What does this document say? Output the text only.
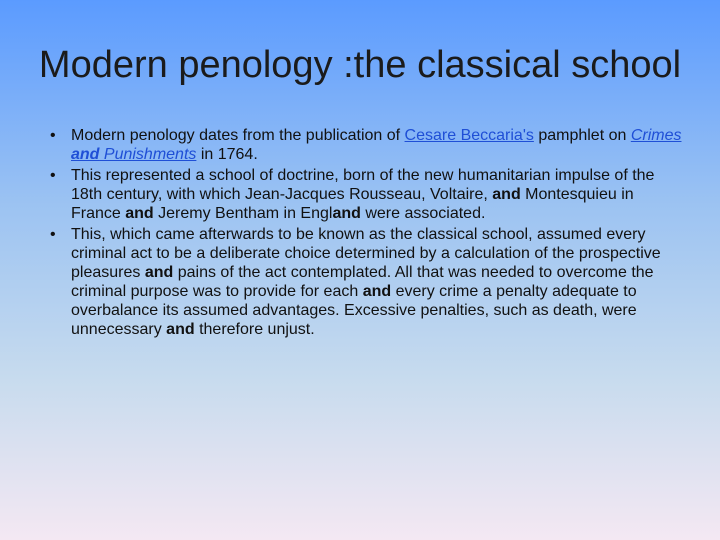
Modern penology :the classical school
• Modern penology dates from the publication of Cesare Beccaria's pamphlet on Crimes and Punishments in 1764.
• This represented a school of doctrine, born of the new humanitarian impulse of the 18th century, with which Jean-Jacques Rousseau, Voltaire, and Montesquieu in France and Jeremy Bentham in England were associated.
• This, which came afterwards to be known as the classical school, assumed every criminal act to be a deliberate choice determined by a calculation of the prospective pleasures and pains of the act contemplated. All that was needed to overcome the criminal purpose was to provide for each and every crime a penalty adequate to overbalance its assumed advantages. Excessive penalties, such as death, were unnecessary and therefore unjust.
